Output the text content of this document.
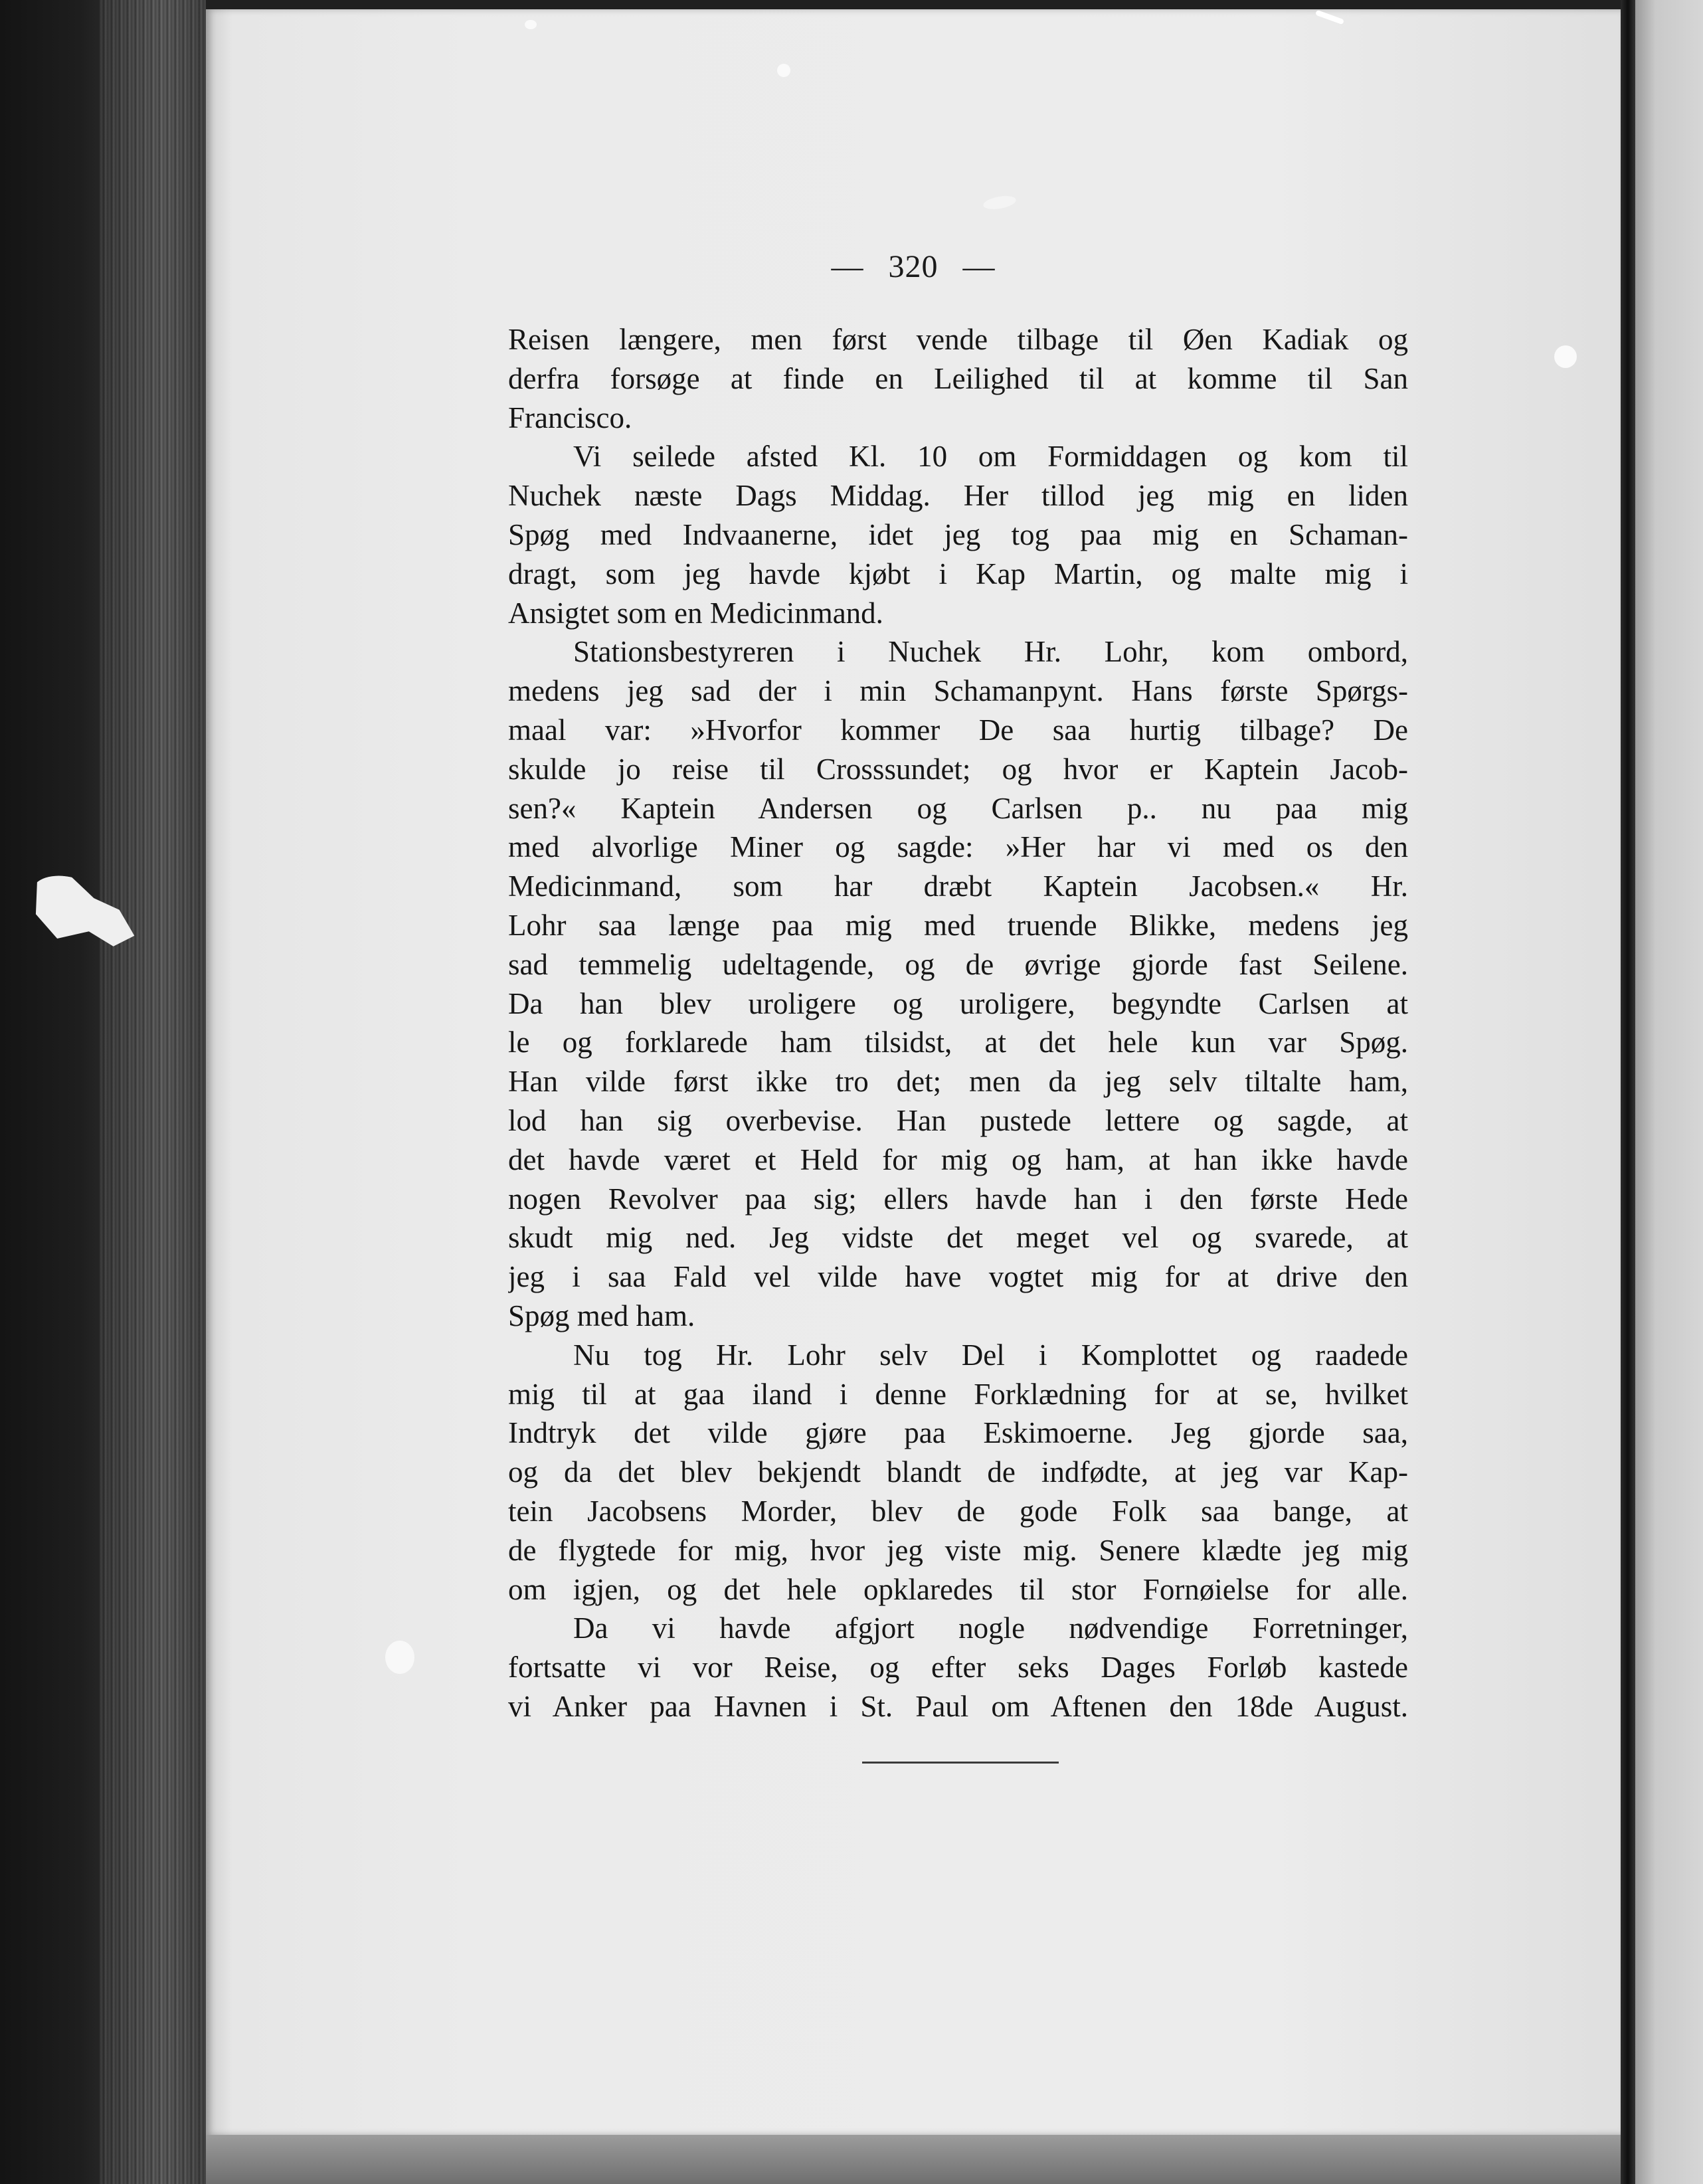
— 320 —
Reisen længere, men først vende tilbage til Øen Kadiak og
derfra forsøge at finde en Leilighed til at komme til San
Francisco.
Vi seilede afsted Kl. 10 om Formiddagen og kom til
Nuchek næste Dags Middag. Her tillod jeg mig en liden
Spøg med Indvaanerne, idet jeg tog paa mig en Schaman-
dragt, som jeg havde kjøbt i Kap Martin, og malte mig i
Ansigtet som en Medicinmand.
Stationsbestyreren i Nuchek Hr. Lohr, kom ombord,
medens jeg sad der i min Schamanpynt. Hans første Spørgs-
maal var: »Hvorfor kommer De saa hurtig tilbage? De
skulde jo reise til Crosssundet; og hvor er Kaptein Jacob-
sen?« Kaptein Andersen og Carlsen p.. nu paa mig
med alvorlige Miner og sagde: »Her har vi med os den
Medicinmand, som har dræbt Kaptein Jacobsen.« Hr.
Lohr saa længe paa mig med truende Blikke, medens jeg
sad temmelig udeltagende, og de øvrige gjorde fast Seilene.
Da han blev uroligere og uroligere, begyndte Carlsen at
le og forklarede ham tilsidst, at det hele kun var Spøg.
Han vilde først ikke tro det; men da jeg selv tiltalte ham,
lod han sig overbevise. Han pustede lettere og sagde, at
det havde været et Held for mig og ham, at han ikke havde
nogen Revolver paa sig; ellers havde han i den første Hede
skudt mig ned. Jeg vidste det meget vel og svarede, at
jeg i saa Fald vel vilde have vogtet mig for at drive den
Spøg med ham.
Nu tog Hr. Lohr selv Del i Komplottet og raadede
mig til at gaa iland i denne Forklædning for at se, hvilket
Indtryk det vilde gjøre paa Eskimoerne. Jeg gjorde saa,
og da det blev bekjendt blandt de indfødte, at jeg var Kap-
tein Jacobsens Morder, blev de gode Folk saa bange, at
de flygtede for mig, hvor jeg viste mig. Senere klædte jeg mig
om igjen, og det hele opklaredes til stor Fornøielse for alle.
Da vi havde afgjort nogle nødvendige Forretninger,
fortsatte vi vor Reise, og efter seks Dages Forløb kastede
vi Anker paa Havnen i St. Paul om Aftenen den 18de August.
